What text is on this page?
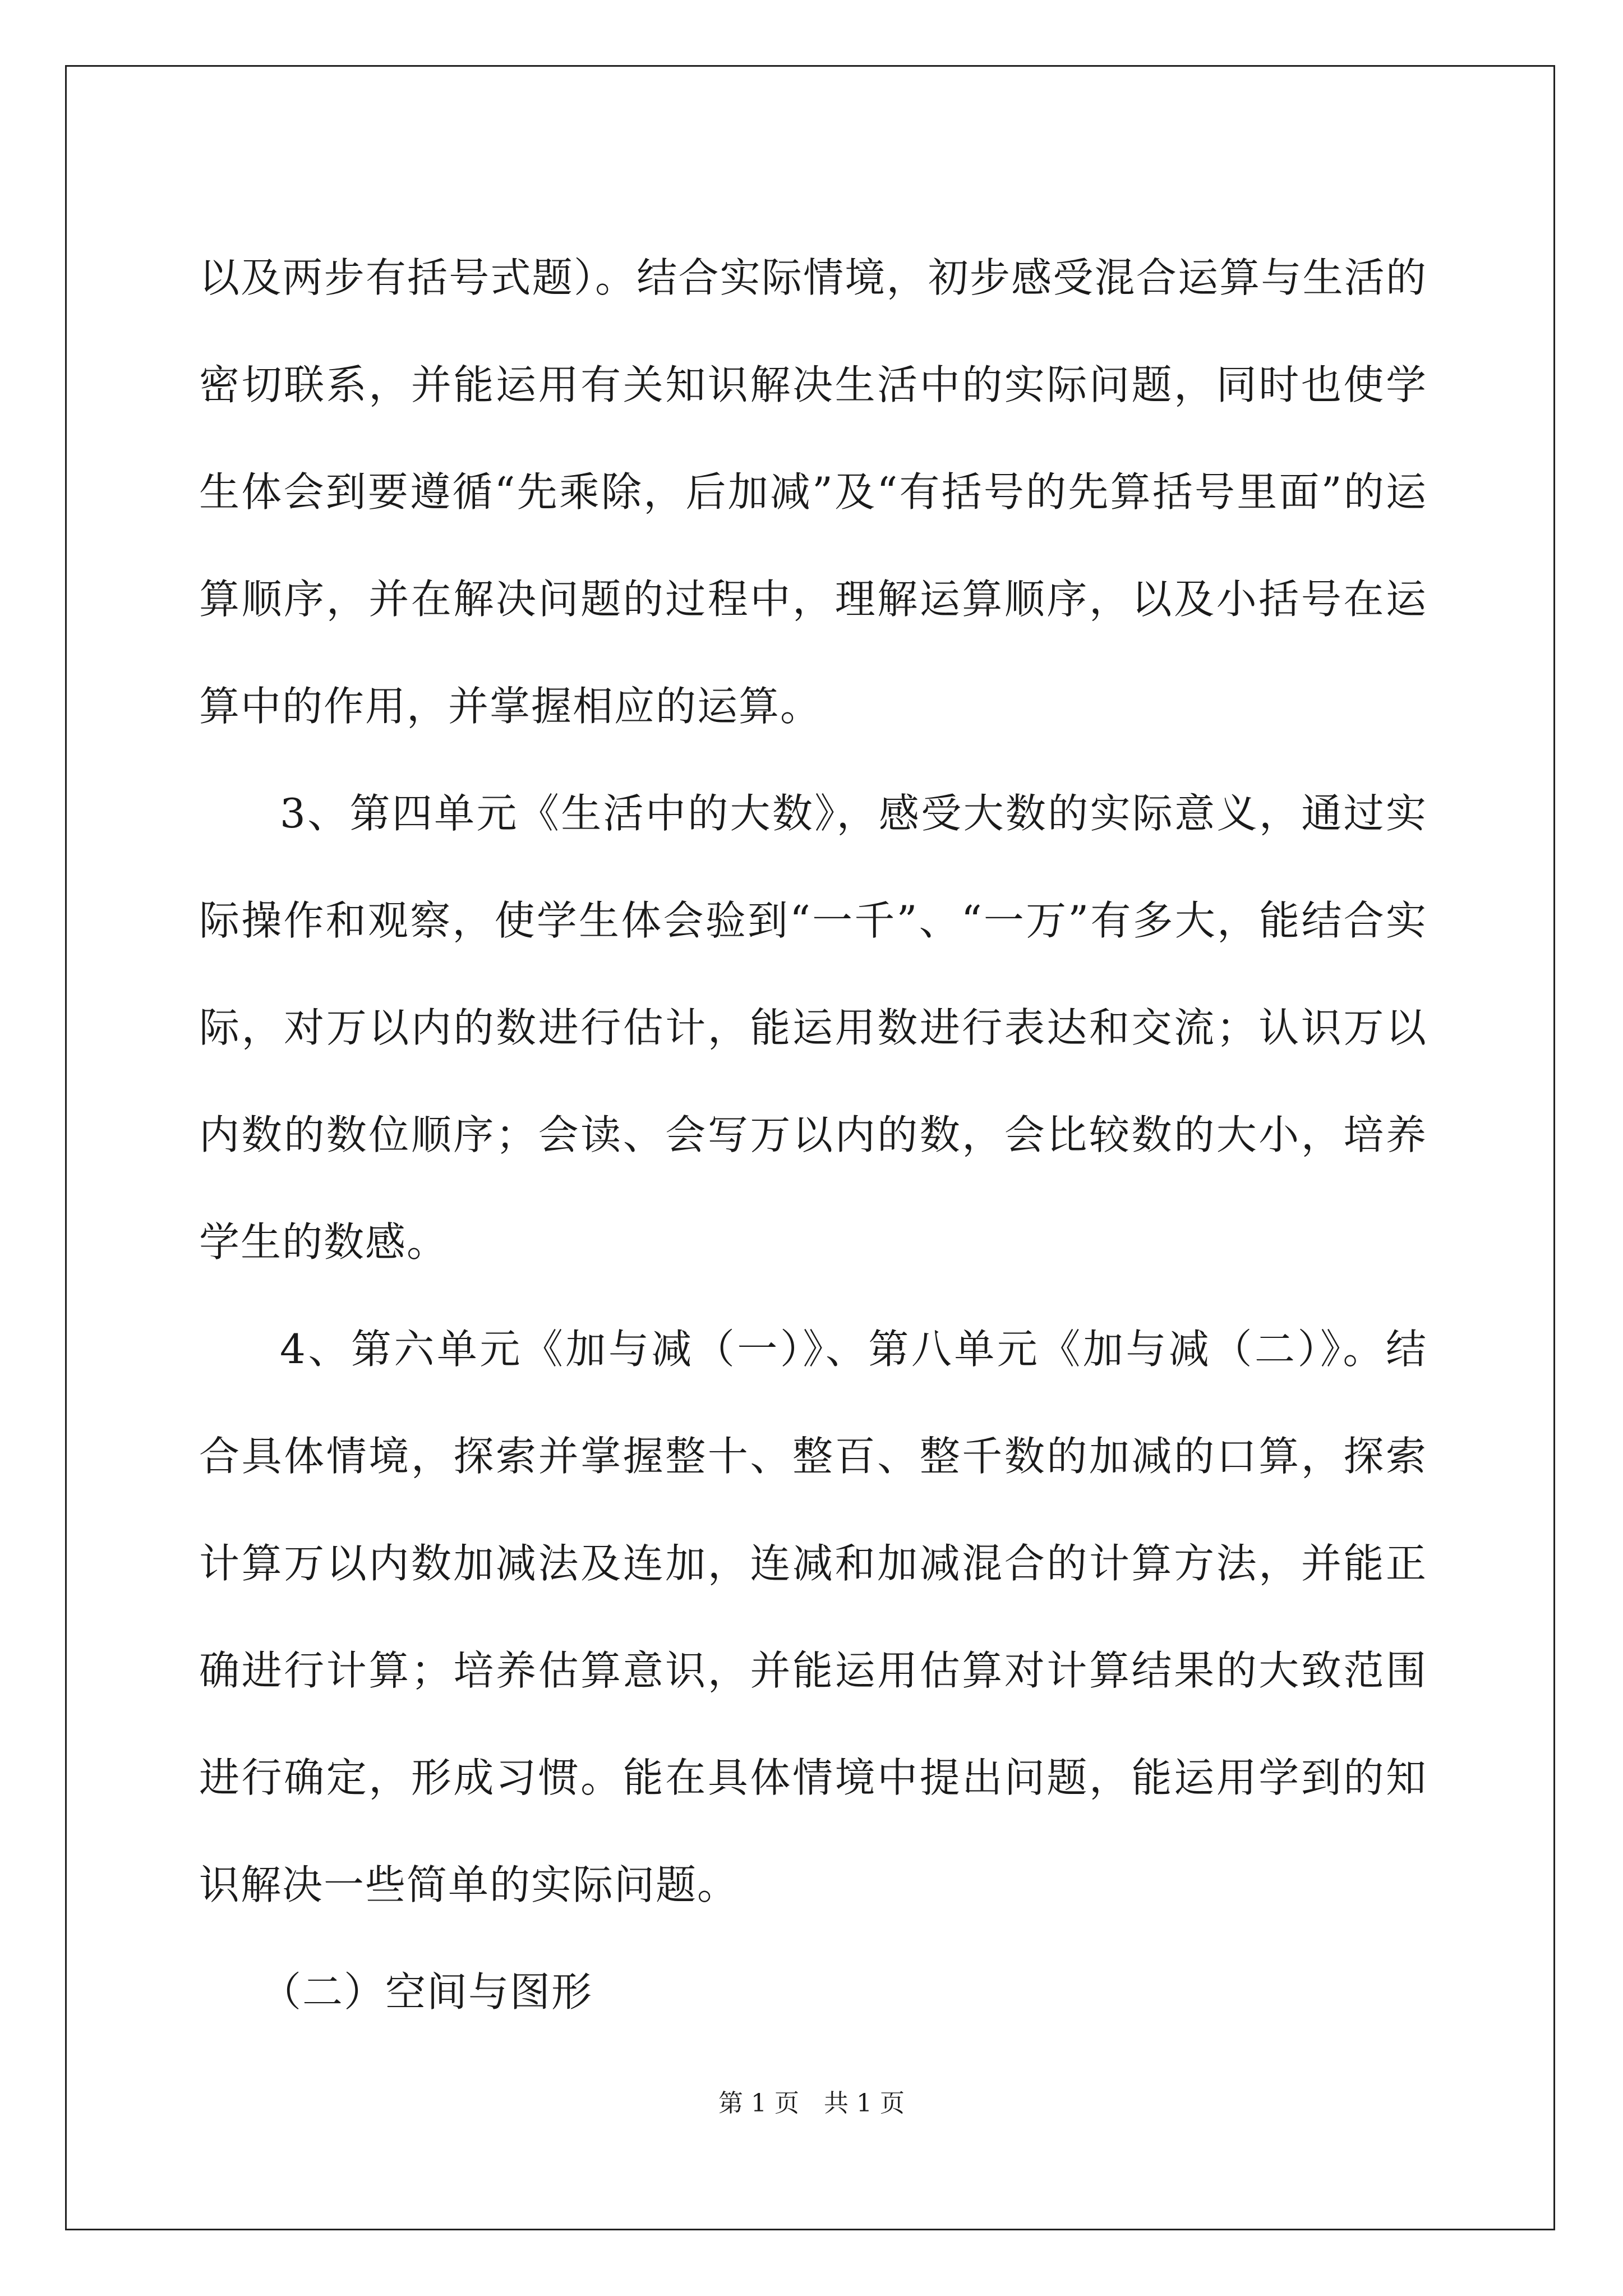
以及两步有括号式题）。结合实际情境，初步感受混合运算与生活的密切联系，并能运用有关知识解决生活中的实际问题，同时也使学生体会到要遵循“先乘除，后加减”及“有括号的先算括号里面”的运算顺序，并在解决问题的过程中，理解运算顺序，以及小括号在运算中的作用，并掌握相应的运算。

3、第四单元《生活中的大数》，感受大数的实际意义，通过实际操作和观察，使学生体会验到“一千”、“一万”有多大，能结合实际，对万以内的数进行估计，能运用数进行表达和交流；认识万以内数的数位顺序；会读、会写万以内的数，会比较数的大小，培养学生的数感。

4、第六单元《加与减（一）》、第八单元《加与减（二）》。结合具体情境，探索并掌握整十、整百、整千数的加减的口算，探索计算万以内数加减法及连加，连减和加减混合的计算方法，并能正确进行计算；培养估算意识，并能运用估算对计算结果的大致范围进行确定，形成习惯。能在具体情境中提出问题，能运用学到的知识解决一些简单的实际问题。

（二）空间与图形

第 1 页　共 1 页
